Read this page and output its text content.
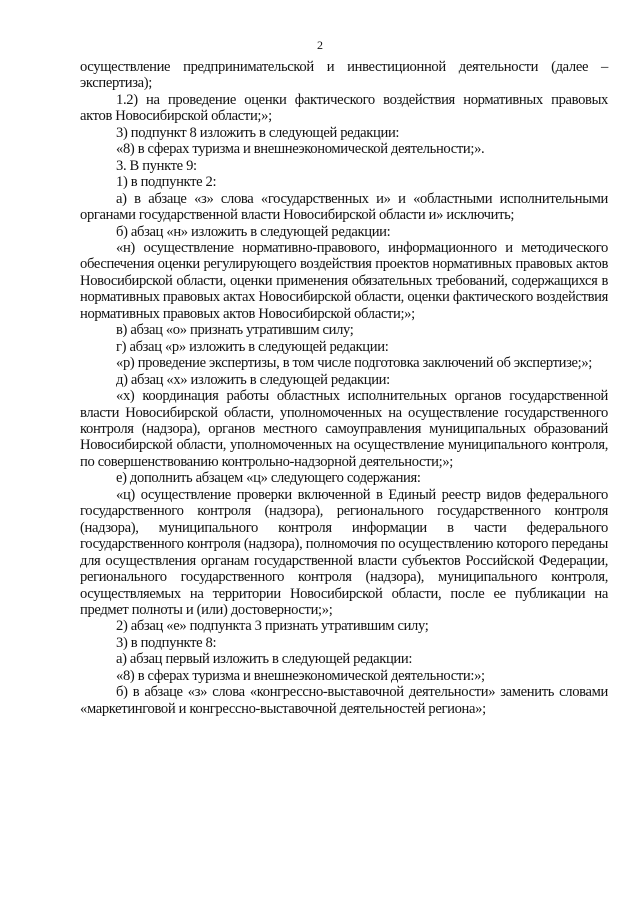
2

осуществление предпринимательской и инвестиционной деятельности (далее – экспертиза);

1.2) на проведение оценки фактического воздействия нормативных правовых актов Новосибирской области;»;

3) подпункт 8 изложить в следующей редакции:

«8) в сферах туризма и внешнеэкономической деятельности;».

3. В пункте 9:

1) в подпункте 2:

а) в абзаце «з» слова «государственных и» и «областными исполнительными органами государственной власти Новосибирской области и» исключить;

б) абзац «н» изложить в следующей редакции:

«н) осуществление нормативно-правового, информационного и методического обеспечения оценки регулирующего воздействия проектов нормативных правовых актов Новосибирской области, оценки применения обязательных требований, содержащихся в нормативных правовых актах Новосибирской области, оценки фактического воздействия нормативных правовых актов Новосибирской области;»;

в) абзац «о» признать утратившим силу;

г) абзац «р» изложить в следующей редакции:

«р) проведение экспертизы, в том числе подготовка заключений об экспертизе;»;

д) абзац «х» изложить в следующей редакции:

«х) координация работы областных исполнительных органов государственной власти Новосибирской области, уполномоченных на осуществление государственного контроля (надзора), органов местного самоуправления муниципальных образований Новосибирской области, уполномоченных на осуществление муниципального контроля, по совершенствованию контрольно-надзорной деятельности;»;

е) дополнить абзацем «ц» следующего содержания:

«ц) осуществление проверки включенной в Единый реестр видов федерального государственного контроля (надзора), регионального государственного контроля (надзора), муниципального контроля информации в части федерального государственного контроля (надзора), полномочия по осуществлению которого переданы для осуществления органам государственной власти субъектов Российской Федерации, регионального государственного контроля (надзора), муниципального контроля, осуществляемых на территории Новосибирской области, после ее публикации на предмет полноты и (или) достоверности;»;

2) абзац «е» подпункта 3 признать утратившим силу;

3) в подпункте 8:

а) абзац первый изложить в следующей редакции:

«8) в сферах туризма и внешнеэкономической деятельности:»;

б) в абзаце «з» слова «конгрессно-выставочной деятельности» заменить словами «маркетинговой и конгрессно-выставочной деятельностей региона»;
